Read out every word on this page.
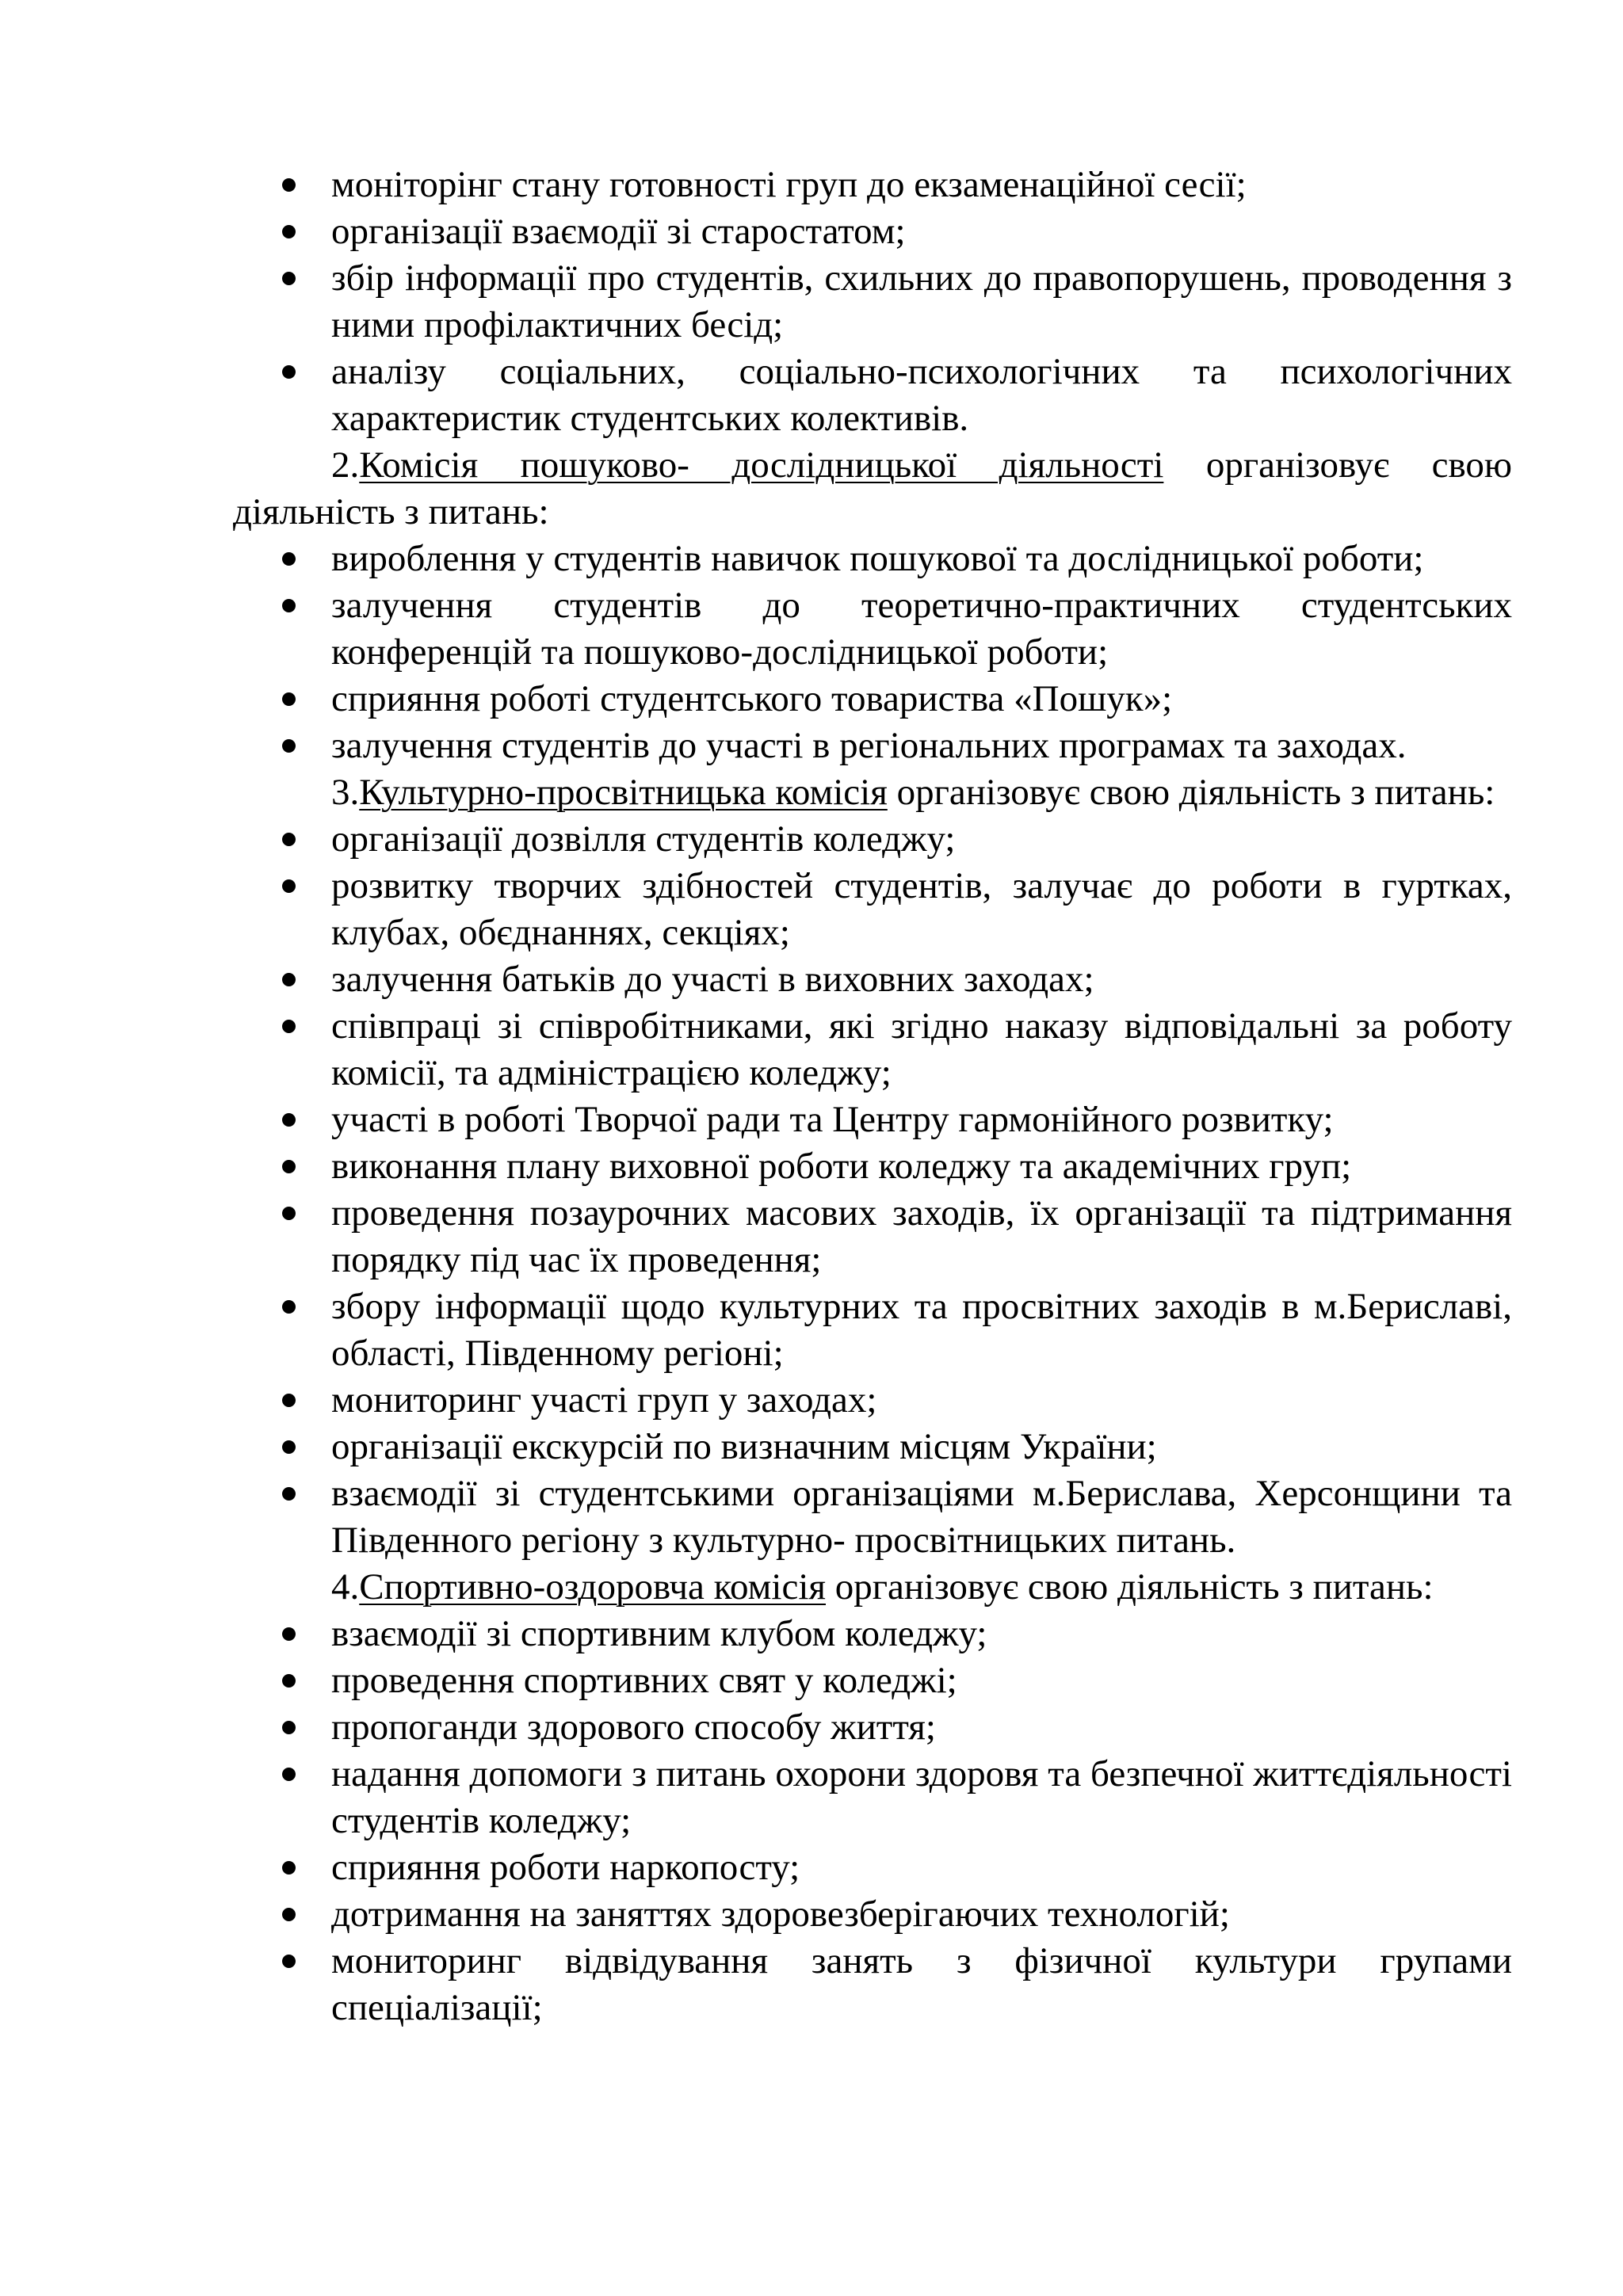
моніторінг стану готовності груп до екзаменаційної сесії;
організації взаємодії зі старостатом;
збір інформації про студентів, схильних до правопорушень, проводення з ними профілактичних бесід;
аналізу соціальних, соціально-психологічних та психологічних характеристик студентських колективів.

2.Комісія пошуково- дослідницької діяльності організовує свою діяльність з питань:

вироблення у студентів навичок пошукової та дослідницької роботи;
залучення студентів до теоретично-практичних студентських конференцій та пошуково-дослідницької роботи;
сприяння роботі студентського товариства «Пошук»;
залучення студентів до участі в регіональних програмах та заходах.

3.Культурно-просвітницька комісія організовує свою діяльність з питань:

організації дозвілля студентів коледжу;
розвитку творчих здібностей студентів, залучає до роботи в гуртках, клубах, обєднаннях, секціях;
залучення батьків до участі в виховних заходах;
співпраці зі співробітниками, які згідно наказу відповідальні за роботу комісії, та адміністрацією коледжу;
участі в роботі Творчої ради та Центру гармонійного розвитку;
виконання плану виховної роботи коледжу та академічних груп;
проведення позаурочних масових заходів, їх організації та підтримання порядку під час їх проведення;
збору інформації щодо культурних та просвітних заходів в м.Бериславі, області, Південному регіоні;
мониторинг участі груп у заходах;
організації екскурсій по визначним місцям України;
взаємодії зі студентськими організаціями м.Берислава, Херсонщини та Південного регіону з культурно- просвітницьких питань.

4.Спортивно-оздоровча комісія організовує свою діяльність з питань:

взаємодії зі спортивним клубом коледжу;
проведення спортивних свят у коледжі;
пропоганди здорового способу життя;
надання допомоги з питань охорони здоровя та безпечної життєдіяльності студентів коледжу;
сприяння роботи наркопосту;
дотримання на заняттях здоровезберігаючих технологій;
мониторинг відвідування занять з фізичної культури групами спеціалізації;
